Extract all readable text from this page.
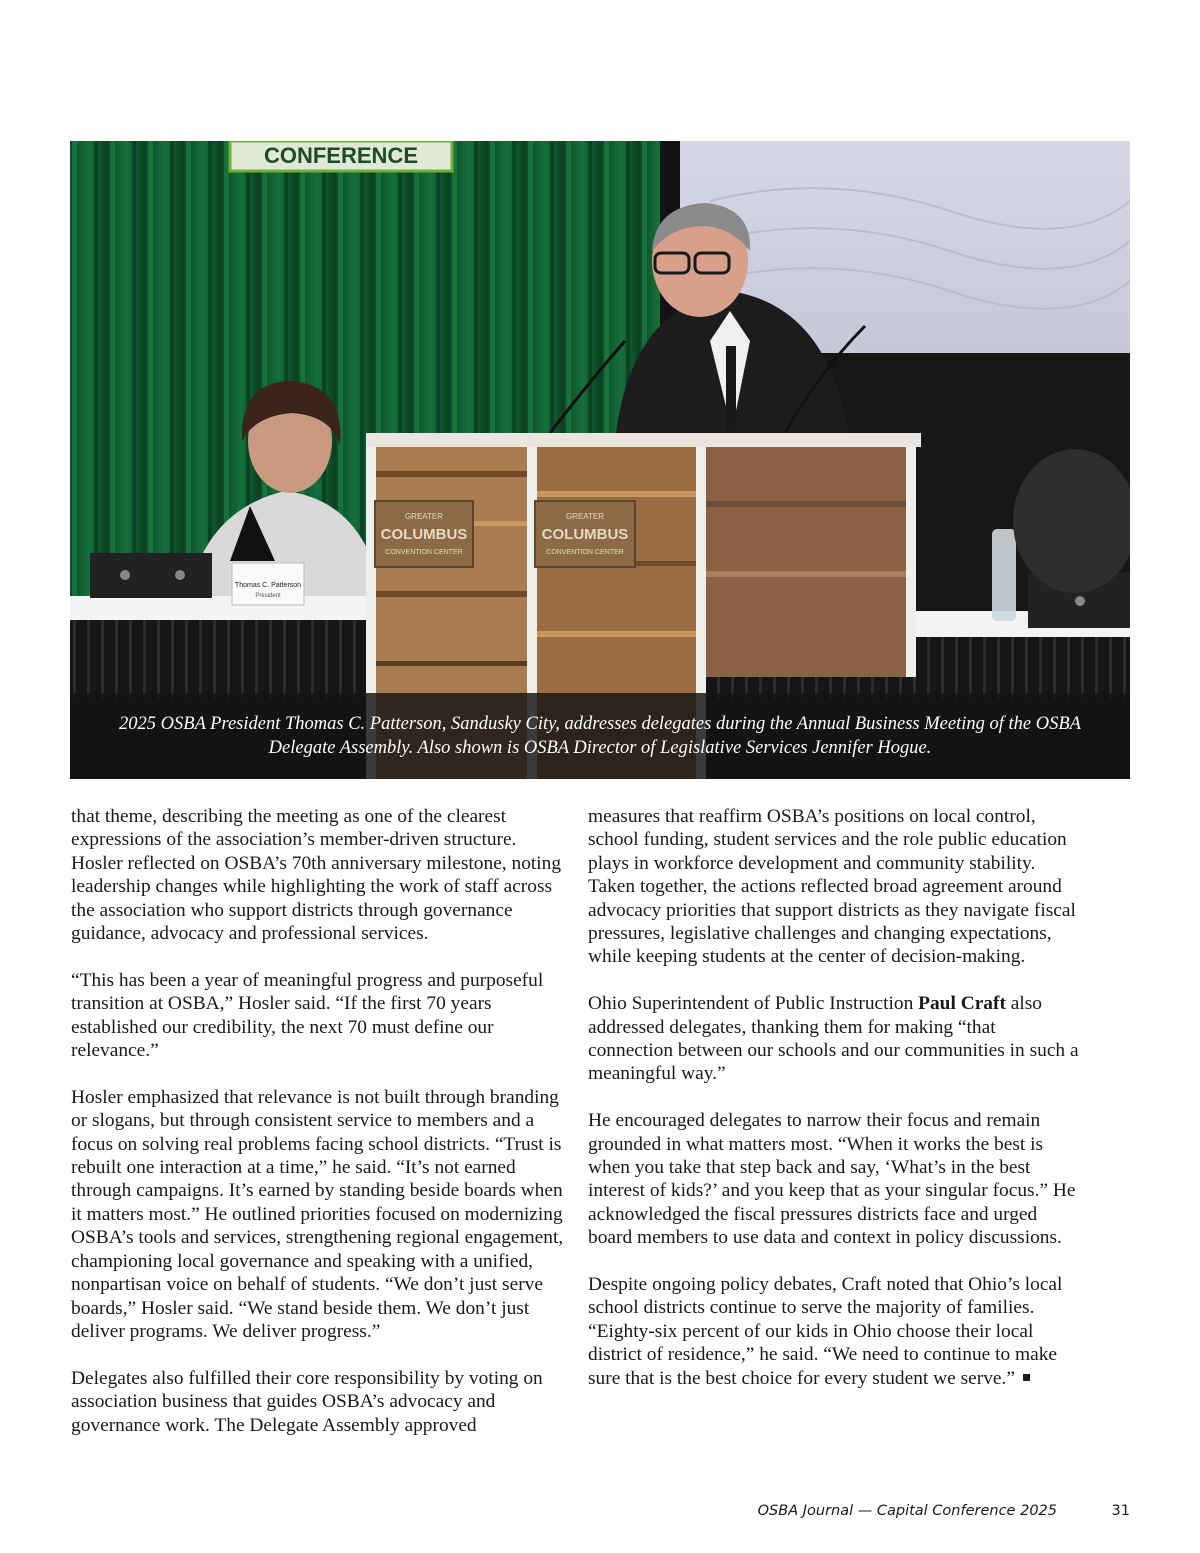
CONFERENCE
Thomas C. Patterson
President
GREATER
COLUMBUS
CONVENTION CENTER
GREATER
COLUMBUS
CONVENTION CENTER

2025 OSBA President Thomas C. Patterson, Sandusky City, addresses delegates during the Annual Business Meeting of the OSBA Delegate Assembly. Also shown is OSBA Director of Legislative Services Jennifer Hogue.

that theme, describing the meeting as one of the clearest expressions of the association’s member-driven structure. Hosler reflected on OSBA’s 70th anniversary milestone, noting leadership changes while highlighting the work of staff across the association who support districts through governance guidance, advocacy and professional services.

“This has been a year of meaningful progress and purposeful transition at OSBA,” Hosler said. “If the first 70 years established our credibility, the next 70 must define our relevance.”

Hosler emphasized that relevance is not built through branding or slogans, but through consistent service to members and a focus on solving real problems facing school districts. “Trust is rebuilt one interaction at a time,” he said. “It’s not earned through campaigns. It’s earned by standing beside boards when it matters most.” He outlined priorities focused on modernizing OSBA’s tools and services, strengthening regional engagement, championing local governance and speaking with a unified, nonpartisan voice on behalf of students. “We don’t just serve boards,” Hosler said. “We stand beside them. We don’t just deliver programs. We deliver progress.”

Delegates also fulfilled their core responsibility by voting on association business that guides OSBA’s advocacy and governance work. The Delegate Assembly approved

measures that reaffirm OSBA’s positions on local control, school funding, student services and the role public education plays in workforce development and community stability. Taken together, the actions reflected broad agreement around advocacy priorities that support districts as they navigate fiscal pressures, legislative challenges and changing expectations, while keeping students at the center of decision-making.

Ohio Superintendent of Public Instruction Paul Craft also addressed delegates, thanking them for making “that connection between our schools and our communities in such a meaningful way.”

He encouraged delegates to narrow their focus and remain grounded in what matters most. “When it works the best is when you take that step back and say, ‘What’s in the best interest of kids?’ and you keep that as your singular focus.” He acknowledged the fiscal pressures districts face and urged board members to use data and context in policy discussions.

Despite ongoing policy debates, Craft noted that Ohio’s local school districts continue to serve the majority of families. “Eighty-six percent of our kids in Ohio choose their local district of residence,” he said. “We need to continue to make sure that is the best choice for every student we serve.”

OSBA Journal — Capital Conference 2025	31
